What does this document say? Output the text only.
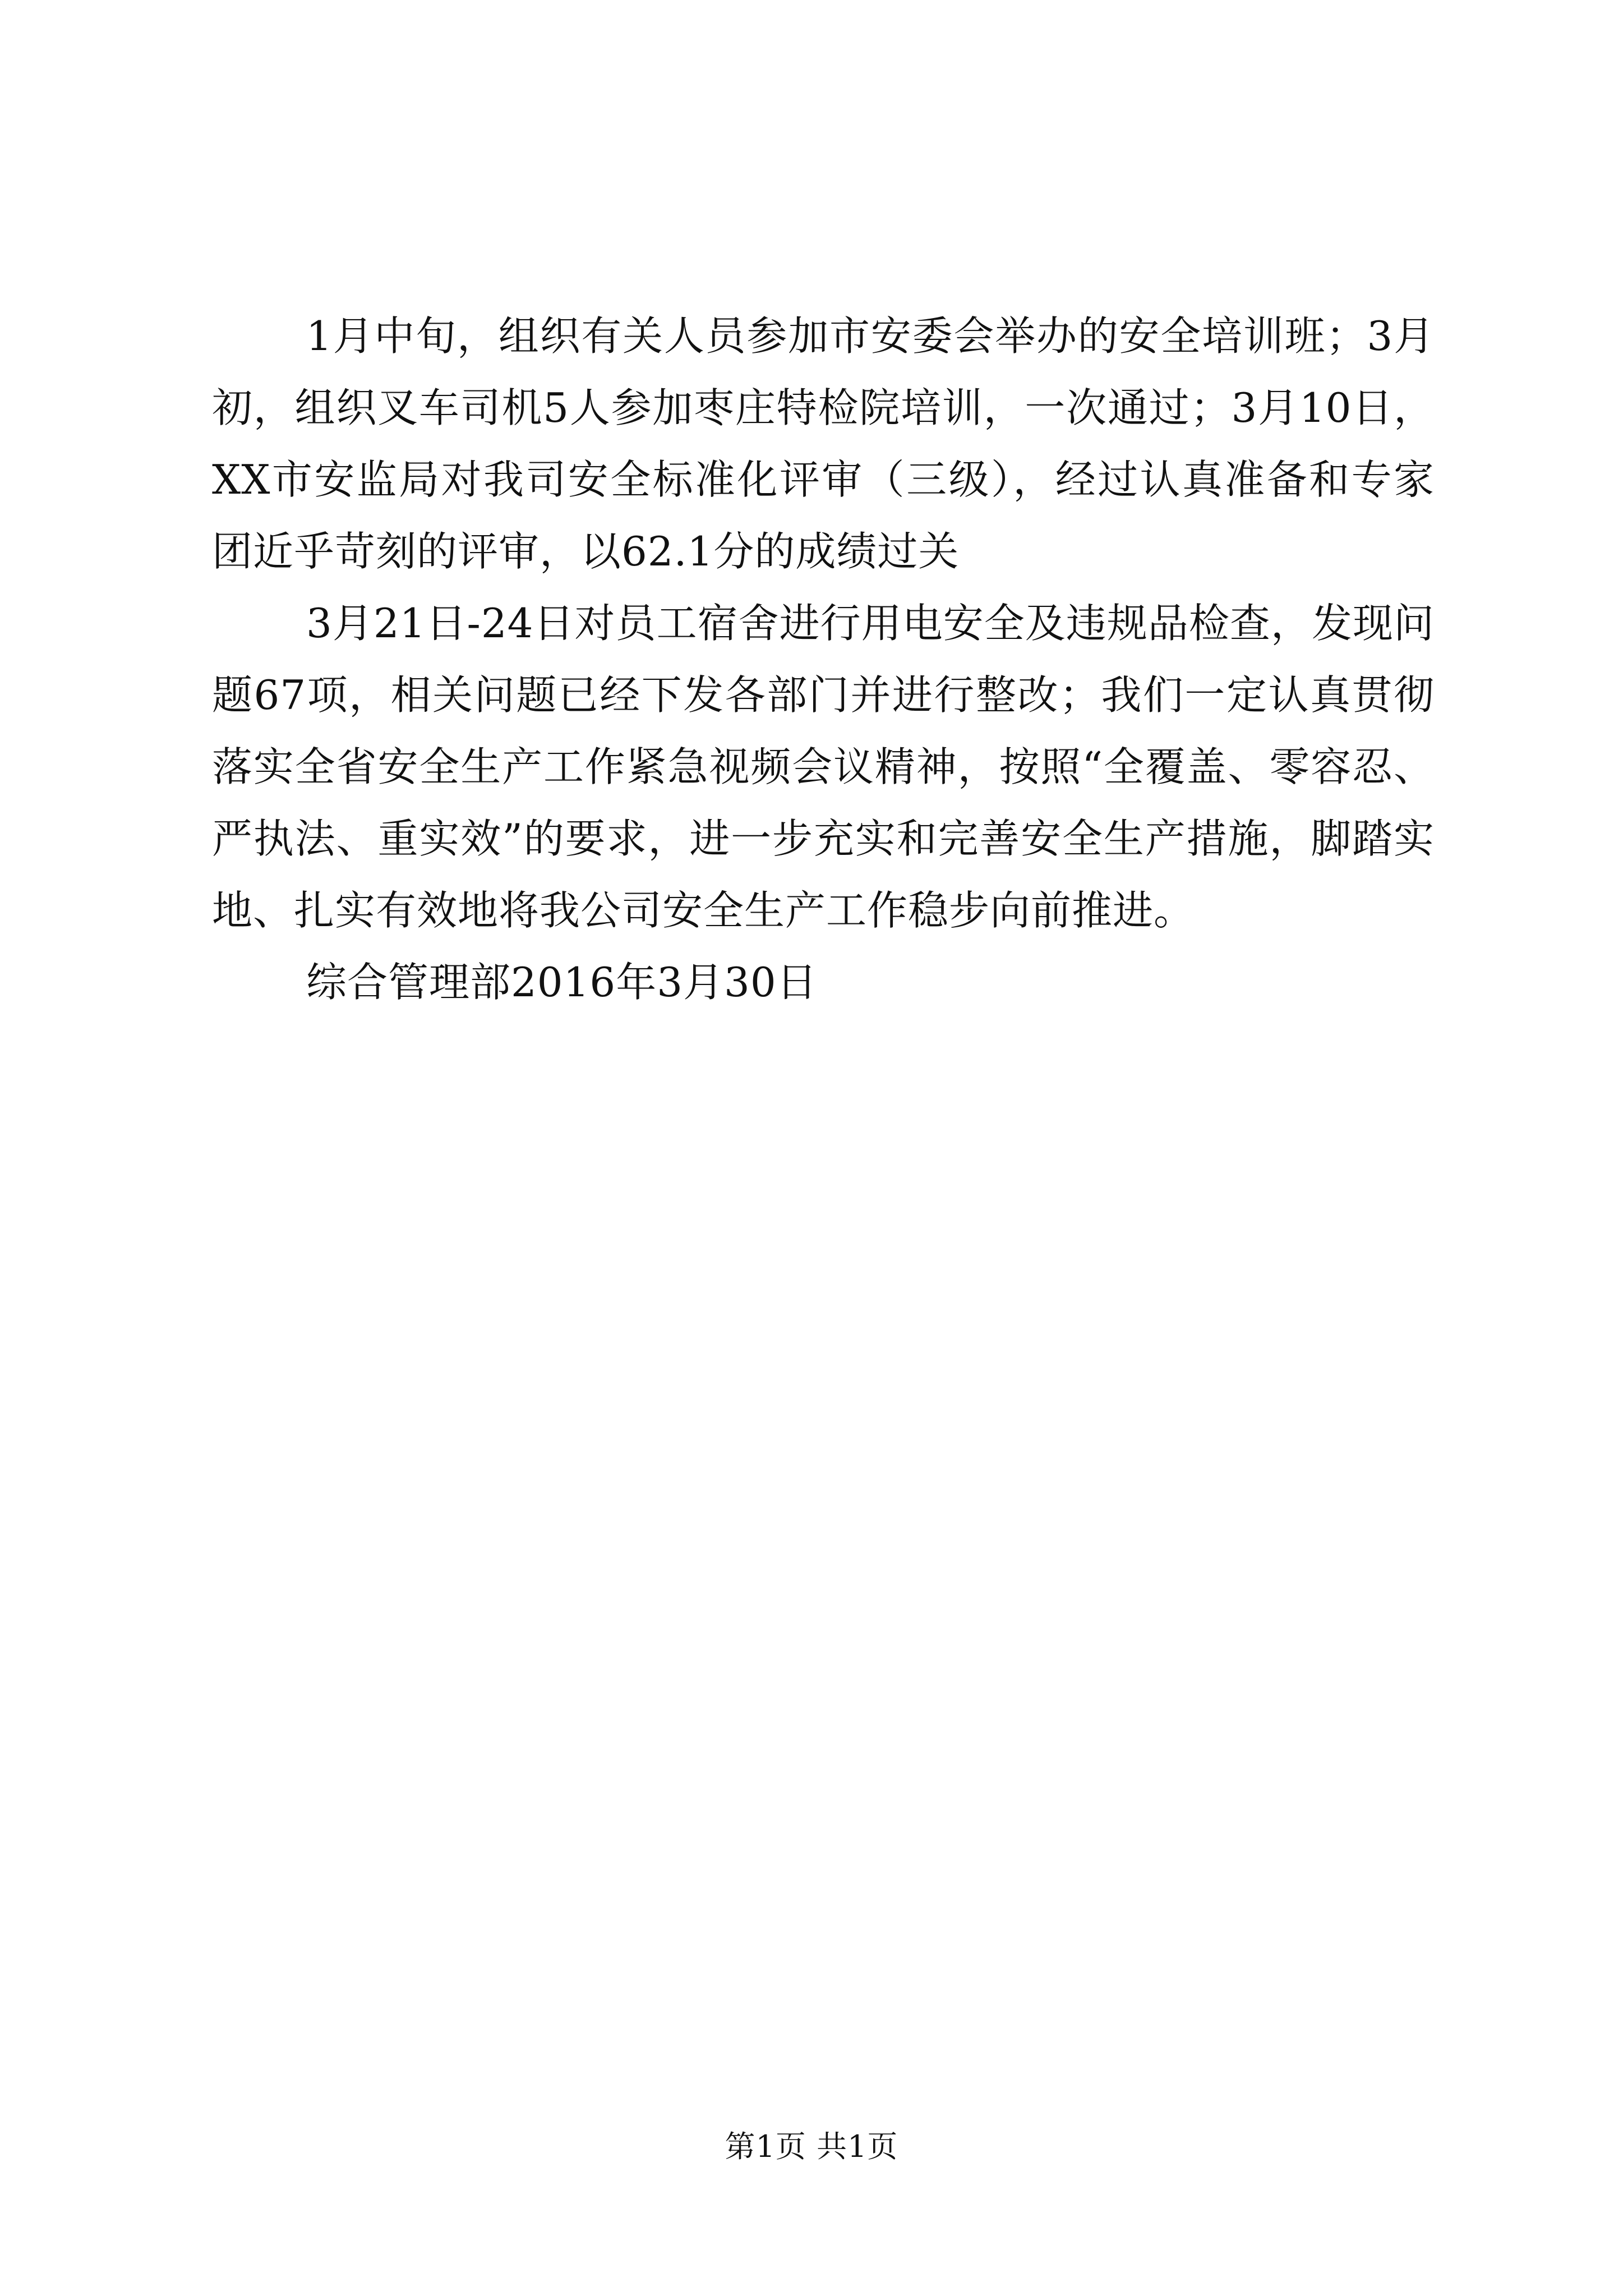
1月中旬，组织有关人员参加市安委会举办的安全培训班；3月初，组织叉车司机5人参加枣庄特检院培训，一次通过；3月10日，XX市安监局对我司安全标准化评审（三级），经过认真准备和专家团近乎苛刻的评审，以62.1分的成绩过关

3月21日-24日对员工宿舍进行用电安全及违规品检查，发现问题67项，相关问题已经下发各部门并进行整改；我们一定认真贯彻落实全省安全生产工作紧急视频会议精神，按照“全覆盖、零容忍、严执法、重实效”的要求，进一步充实和完善安全生产措施，脚踏实地、扎实有效地将我公司安全生产工作稳步向前推进。

综合管理部2016年3月30日

第1页 共1页
